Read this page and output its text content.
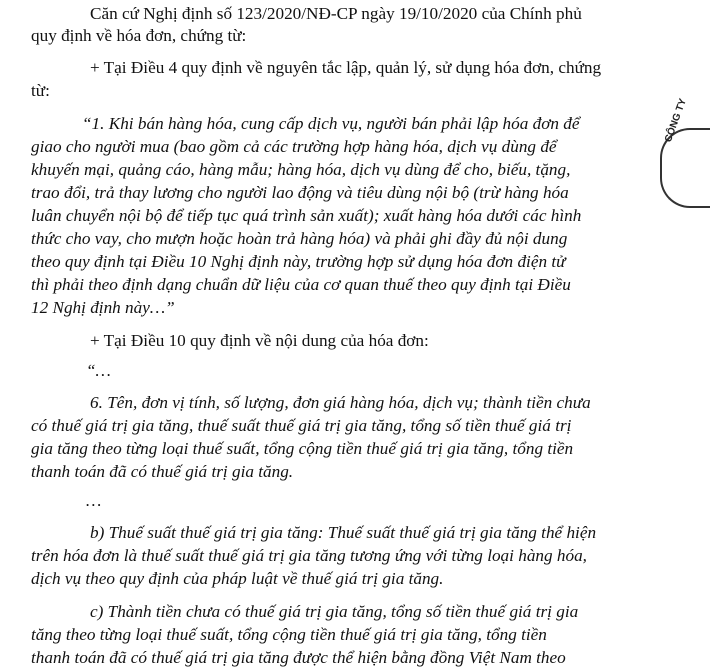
Căn cứ Nghị định số 123/2020/NĐ-CP ngày 19/10/2020 của Chính phủ
quy định về hóa đơn, chứng từ:
+ Tại Điều 4 quy định về nguyên tắc lập, quản lý, sử dụng hóa đơn, chứng
từ:
“1. Khi bán hàng hóa, cung cấp dịch vụ, người bán phải lập hóa đơn để
giao cho người mua (bao gồm cả các trường hợp hàng hóa, dịch vụ dùng để
khuyến mại, quảng cáo, hàng mẫu; hàng hóa, dịch vụ dùng để cho, biếu, tặng,
trao đổi, trả thay lương cho người lao động và tiêu dùng nội bộ (trừ hàng hóa
luân chuyển nội bộ để tiếp tục quá trình sản xuất); xuất hàng hóa dưới các hình
thức cho vay, cho mượn hoặc hoàn trả hàng hóa) và phải ghi đầy đủ nội dung
theo quy định tại Điều 10 Nghị định này, trường hợp sử dụng hóa đơn điện tử
thì phải theo định dạng chuẩn dữ liệu của cơ quan thuế theo quy định tại Điều
12 Nghị định này…”
+ Tại Điều 10 quy định về nội dung của hóa đơn:
“…
6. Tên, đơn vị tính, số lượng, đơn giá hàng hóa, dịch vụ; thành tiền chưa
có thuế giá trị gia tăng, thuế suất thuế giá trị gia tăng, tổng số tiền thuế giá trị
gia tăng theo từng loại thuế suất, tổng cộng tiền thuế giá trị gia tăng, tổng tiền
thanh toán đã có thuế giá trị gia tăng.
…
b) Thuế suất thuế giá trị gia tăng: Thuế suất thuế giá trị gia tăng thể hiện
trên hóa đơn là thuế suất thuế giá trị gia tăng tương ứng với từng loại hàng hóa,
dịch vụ theo quy định của pháp luật về thuế giá trị gia tăng.
c) Thành tiền chưa có thuế giá trị gia tăng, tổng số tiền thuế giá trị gia
tăng theo từng loại thuế suất, tổng cộng tiền thuế giá trị gia tăng, tổng tiền
thanh toán đã có thuế giá trị gia tăng được thể hiện bằng đồng Việt Nam theo
CÔNG TY
